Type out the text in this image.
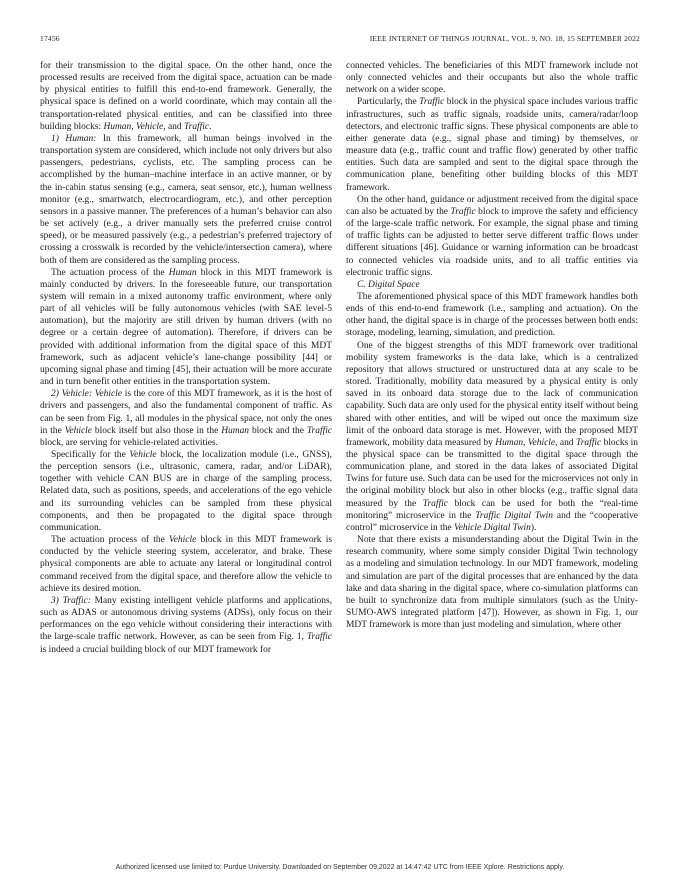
17456	IEEE INTERNET OF THINGS JOURNAL, VOL. 9, NO. 18, 15 SEPTEMBER 2022

for their transmission to the digital space. On the other hand, once the processed results are received from the digital space, actuation can be made by physical entities to fulfill this end-to-end framework. Generally, the physical space is defined on a world coordinate, which may contain all the transportation-related physical entities, and can be classified into three building blocks: Human, Vehicle, and Traffic.

1) Human: In this framework, all human beings involved in the transportation system are considered, which include not only drivers but also passengers, pedestrians, cyclists, etc. The sampling process can be accomplished by the human–machine interface in an active manner, or by the in-cabin status sensing (e.g., camera, seat sensor, etc.), human wellness monitor (e.g., smartwatch, electrocardiogram, etc.), and other perception sensors in a passive manner. The preferences of a human’s behavior can also be set actively (e.g., a driver manually sets the preferred cruise control speed), or be measured passively (e.g., a pedestrian’s preferred trajectory of crossing a crosswalk is recorded by the vehicle/intersection camera), where both of them are considered as the sampling process.

The actuation process of the Human block in this MDT framework is mainly conducted by drivers. In the foreseeable future, our transportation system will remain in a mixed autonomy traffic environment, where only part of all vehicles will be fully autonomous vehicles (with SAE level-5 automation), but the majority are still driven by human drivers (with no degree or a certain degree of automation). Therefore, if drivers can be provided with additional information from the digital space of this MDT framework, such as adjacent vehicle’s lane-change possibility [44] or upcoming signal phase and timing [45], their actuation will be more accurate and in turn benefit other entities in the transportation system.

2) Vehicle: Vehicle is the core of this MDT framework, as it is the host of drivers and passengers, and also the fundamental component of traffic. As can be seen from Fig. 1, all modules in the physical space, not only the ones in the Vehicle block itself but also those in the Human block and the Traffic block, are serving for vehicle-related activities.

Specifically for the Vehicle block, the localization module (i.e., GNSS), the perception sensors (i.e., ultrasonic, camera, radar, and/or LiDAR), together with vehicle CAN BUS are in charge of the sampling process. Related data, such as positions, speeds, and accelerations of the ego vehicle and its surrounding vehicles can be sampled from these physical components, and then be propagated to the digital space through communication.

The actuation process of the Vehicle block in this MDT framework is conducted by the vehicle steering system, accelerator, and brake. These physical components are able to actuate any lateral or longitudinal control command received from the digital space, and therefore allow the vehicle to achieve its desired motion.

3) Traffic: Many existing intelligent vehicle platforms and applications, such as ADAS or autonomous driving systems (ADSs), only focus on their performances on the ego vehicle without considering their interactions with the large-scale traffic network. However, as can be seen from Fig. 1, Traffic is indeed a crucial building block of our MDT framework for

connected vehicles. The beneficiaries of this MDT framework include not only connected vehicles and their occupants but also the whole traffic network on a wider scope.

Particularly, the Traffic block in the physical space includes various traffic infrastructures, such as traffic signals, roadside units, camera/radar/loop detectors, and electronic traffic signs. These physical components are able to either generate data (e.g., signal phase and timing) by themselves, or measure data (e.g., traffic count and traffic flow) generated by other traffic entities. Such data are sampled and sent to the digital space through the communication plane, benefiting other building blocks of this MDT framework.

On the other hand, guidance or adjustment received from the digital space can also be actuated by the Traffic block to improve the safety and efficiency of the large-scale traffic network. For example, the signal phase and timing of traffic lights can be adjusted to better serve different traffic flows under different situations [46]. Guidance or warning information can be broadcast to connected vehicles via roadside units, and to all traffic entities via electronic traffic signs.

C. Digital Space

The aforementioned physical space of this MDT framework handles both ends of this end-to-end framework (i.e., sampling and actuation). On the other hand, the digital space is in charge of the processes between both ends: storage, modeling, learning, simulation, and prediction.

One of the biggest strengths of this MDT framework over traditional mobility system frameworks is the data lake, which is a centralized repository that allows structured or unstructured data at any scale to be stored. Traditionally, mobility data measured by a physical entity is only saved in its onboard data storage due to the lack of communication capability. Such data are only used for the physical entity itself without being shared with other entities, and will be wiped out once the maximum size limit of the onboard data storage is met. However, with the proposed MDT framework, mobility data measured by Human, Vehicle, and Traffic blocks in the physical space can be transmitted to the digital space through the communication plane, and stored in the data lakes of associated Digital Twins for future use. Such data can be used for the microservices not only in the original mobility block but also in other blocks (e.g., traffic signal data measured by the Traffic block can be used for both the “real-time monitoring” microservice in the Traffic Digital Twin and the “cooperative control” microservice in the Vehicle Digital Twin).

Note that there exists a misunderstanding about the Digital Twin in the research community, where some simply consider Digital Twin technology as a modeling and simulation technology. In our MDT framework, modeling and simulation are part of the digital processes that are enhanced by the data lake and data sharing in the digital space, where co-simulation platforms can be built to synchronize data from multiple simulators (such as the Unity-SUMO-AWS integrated platform [47]). However, as shown in Fig. 1, our MDT framework is more than just modeling and simulation, where other

Authorized licensed use limited to: Purdue University. Downloaded on September 09,2022 at 14:47:42 UTC from IEEE Xplore. Restrictions apply.
